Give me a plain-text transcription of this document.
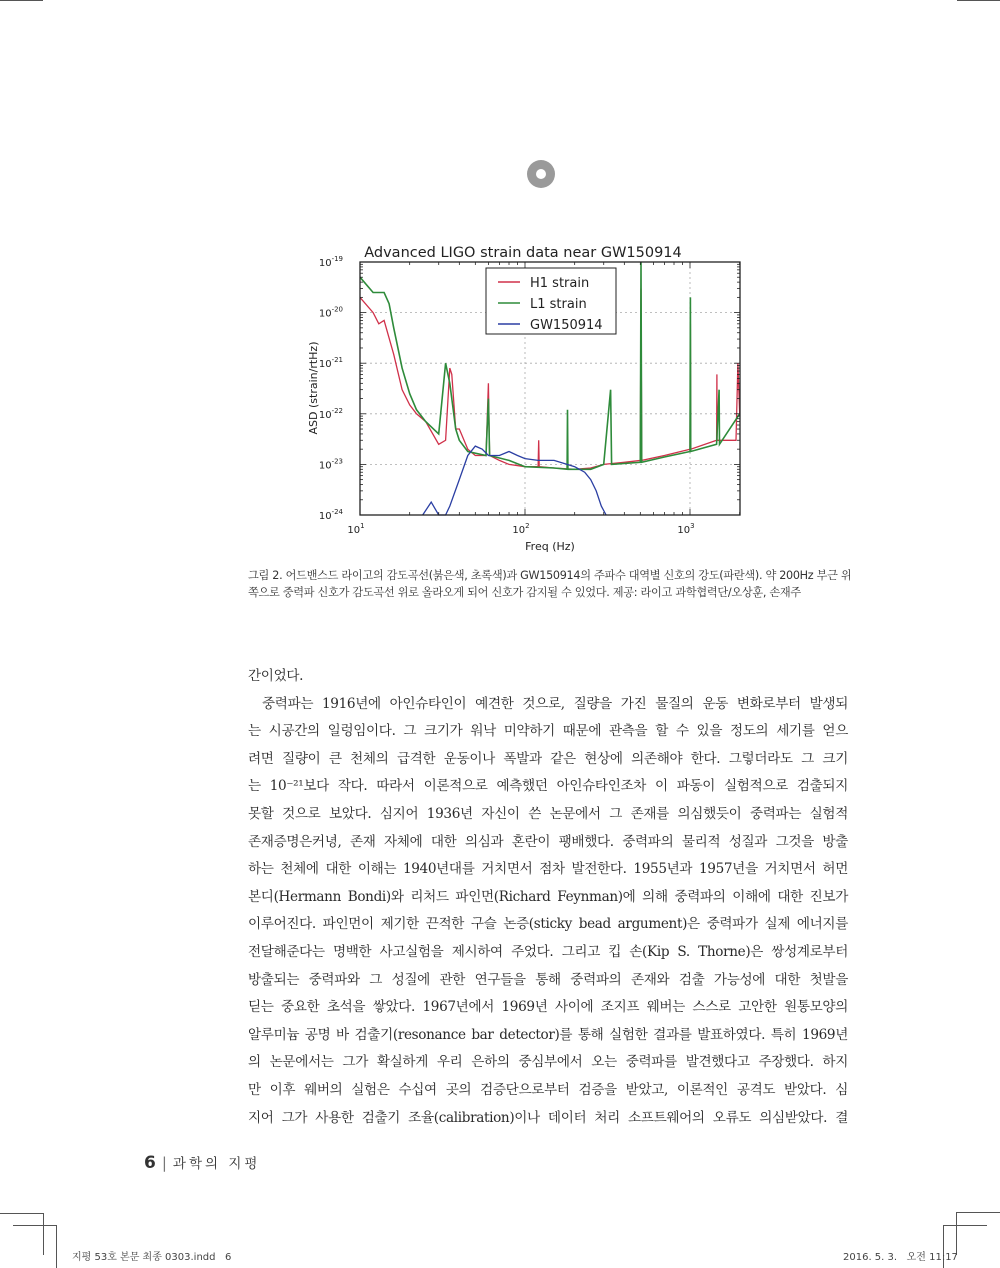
Advanced LIGO strain data near GW150914
$10^1$	$10^2$	$10^3$
$10^{-19}$
$10^{-20}$
$10^{-21}$
$10^{-22}$
$10^{-23}$
$10^{-24}$
Freq (Hz)
ASD (strain/rtHz)
H1 strain
L1 strain
GW150914
그림 2. 어드밴스드 라이고의 감도곡선(붉은색, 초록색)과 GW150914의 주파수 대역별 신호의 강도(파란색). 약 200Hz 부근 위쪽으로 중력파 신호가 감도곡선 위로 올라오게 되어 신호가 감지될 수 있었다. 제공: 라이고 과학협력단/오상훈, 손재주
간이었다.
중력파는 1916년에 아인슈타인이 예견한 것으로, 질량을 가진 물질의 운동 변화로부터 발생되
는 시공간의 일렁임이다. 그 크기가 워낙 미약하기 때문에 관측을 할 수 있을 정도의 세기를 얻으
려면 질량이 큰 천체의 급격한 운동이나 폭발과 같은 현상에 의존해야 한다. 그렇더라도 그 크기
는 10⁻²¹보다 작다. 따라서 이론적으로 예측했던 아인슈타인조차 이 파동이 실험적으로 검출되지
못할 것으로 보았다. 심지어 1936년 자신이 쓴 논문에서 그 존재를 의심했듯이 중력파는 실험적
존재증명은커녕, 존재 자체에 대한 의심과 혼란이 팽배했다. 중력파의 물리적 성질과 그것을 방출
하는 천체에 대한 이해는 1940년대를 거치면서 점차 발전한다. 1955년과 1957년을 거치면서 허먼
본디(Hermann Bondi)와 리처드 파인먼(Richard Feynman)에 의해 중력파의 이해에 대한 진보가
이루어진다. 파인먼이 제기한 끈적한 구슬 논증(sticky bead argument)은 중력파가 실제 에너지를
전달해준다는 명백한 사고실험을 제시하여 주었다. 그리고 킵 손(Kip S. Thorne)은 쌍성계로부터
방출되는 중력파와 그 성질에 관한 연구들을 통해 중력파의 존재와 검출 가능성에 대한 첫발을
딛는 중요한 초석을 쌓았다. 1967년에서 1969년 사이에 조지프 웨버는 스스로 고안한 원통모양의
알루미늄 공명 바 검출기(resonance bar detector)를 통해 실험한 결과를 발표하였다. 특히 1969년
의 논문에서는 그가 확실하게 우리 은하의 중심부에서 오는 중력파를 발견했다고 주장했다. 하지
만 이후 웨버의 실험은 수십여 곳의 검증단으로부터 검증을 받았고, 이론적인 공격도 받았다. 심
지어 그가 사용한 검출기 조율(calibration)이나 데이터 처리 소프트웨어의 오류도 의심받았다. 결
6 | 과학의 지평
지평 53호 본문 최종 0303.indd   6	2016. 5. 3.   오전 11:17
